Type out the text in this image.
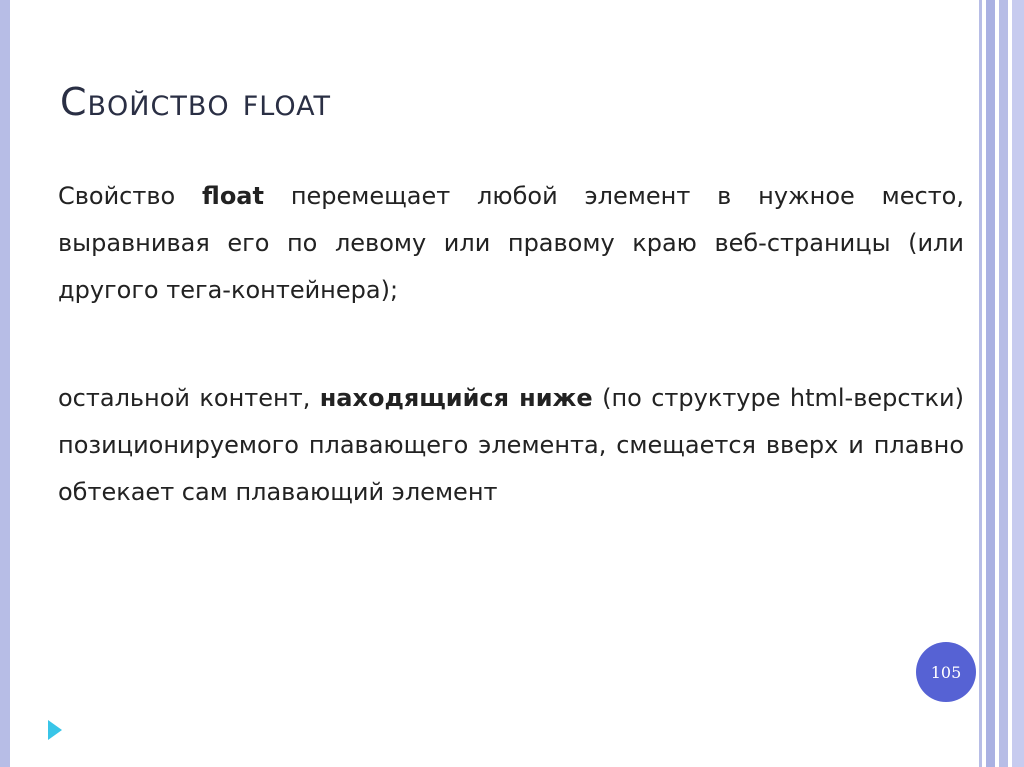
Свойство float

Свойство float перемещает любой элемент в нужное место, выравнивая его по левому или правому краю веб-страницы (или другого тега-контейнера);

остальной контент, находящийся ниже (по структуре html-верстки) позиционируемого плавающего элемента, смещается вверх и плавно обтекает сам плавающий элемент

105
